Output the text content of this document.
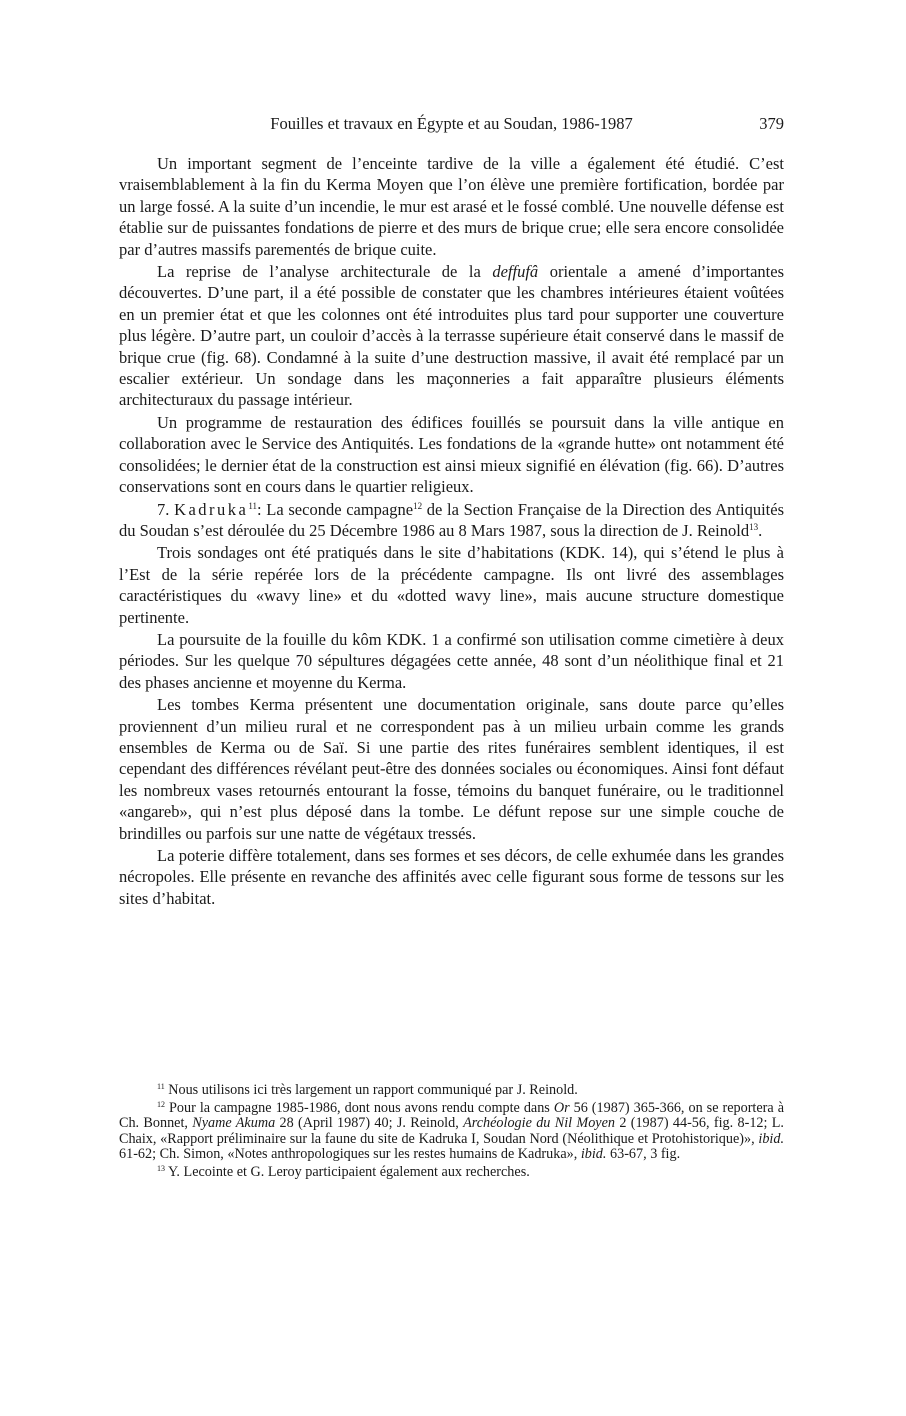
Fouilles et travaux en Égypte et au Soudan, 1986-1987	379

Un important segment de l’enceinte tardive de la ville a également été étudié. C’est vraisemblablement à la fin du Kerma Moyen que l’on élève une première fortification, bordée par un large fossé. A la suite d’un incendie, le mur est arasé et le fossé comblé. Une nouvelle défense est établie sur de puissantes fondations de pierre et des murs de brique crue; elle sera encore consolidée par d’autres massifs parementés de brique cuite.

La reprise de l’analyse architecturale de la deffufâ orientale a amené d’importantes découvertes. D’une part, il a été possible de constater que les chambres intérieures étaient voûtées en un premier état et que les colonnes ont été introduites plus tard pour supporter une couverture plus légère. D’autre part, un couloir d’accès à la terrasse supérieure était conservé dans le massif de brique crue (fig. 68). Condamné à la suite d’une destruction massive, il avait été remplacé par un escalier extérieur. Un sondage dans les maçonneries a fait apparaître plusieurs éléments architecturaux du passage intérieur.

Un programme de restauration des édifices fouillés se poursuit dans la ville antique en collaboration avec le Service des Antiquités. Les fondations de la «grande hutte» ont notamment été consolidées; le dernier état de la construction est ainsi mieux signifié en élévation (fig. 66). D’autres conservations sont en cours dans le quartier religieux.

7. Kadruka$^{11}$: La seconde campagne$^{12}$ de la Section Française de la Direction des Antiquités du Soudan s’est déroulée du 25 Décembre 1986 au 8 Mars 1987, sous la direction de J. Reinold$^{13}$.

Trois sondages ont été pratiqués dans le site d’habitations (KDK. 14), qui s’étend le plus à l’Est de la série repérée lors de la précédente campagne. Ils ont livré des assemblages caractéristiques du «wavy line» et du «dotted wavy line», mais aucune structure domestique pertinente.

La poursuite de la fouille du kôm KDK. 1 a confirmé son utilisation comme cimetière à deux périodes. Sur les quelque 70 sépultures dégagées cette année, 48 sont d’un néolithique final et 21 des phases ancienne et moyenne du Kerma.

Les tombes Kerma présentent une documentation originale, sans doute parce qu’elles proviennent d’un milieu rural et ne correspondent pas à un milieu urbain comme les grands ensembles de Kerma ou de Saï. Si une partie des rites funéraires semblent identiques, il est cependant des différences révélant peut-être des données sociales ou économiques. Ainsi font défaut les nombreux vases retournés entourant la fosse, témoins du banquet funéraire, ou le traditionnel «angareb», qui n’est plus déposé dans la tombe. Le défunt repose sur une simple couche de brindilles ou parfois sur une natte de végétaux tressés.

La poterie diffère totalement, dans ses formes et ses décors, de celle exhumée dans les grandes nécropoles. Elle présente en revanche des affinités avec celle figurant sous forme de tessons sur les sites d’habitat.

$^{11}$ Nous utilisons ici très largement un rapport communiqué par J. Reinold.

$^{12}$ Pour la campagne 1985-1986, dont nous avons rendu compte dans Or 56 (1987) 365-366, on se reportera à Ch. Bonnet, Nyame Akuma 28 (April 1987) 40; J. Reinold, Archéologie du Nil Moyen 2 (1987) 44-56, fig. 8-12; L. Chaix, «Rapport préliminaire sur la faune du site de Kadruka I, Soudan Nord (Néolithique et Protohistorique)», ibid. 61-62; Ch. Simon, «Notes anthropologiques sur les restes humains de Kadruka», ibid. 63-67, 3 fig.

$^{13}$ Y. Lecointe et G. Leroy participaient également aux recherches.
